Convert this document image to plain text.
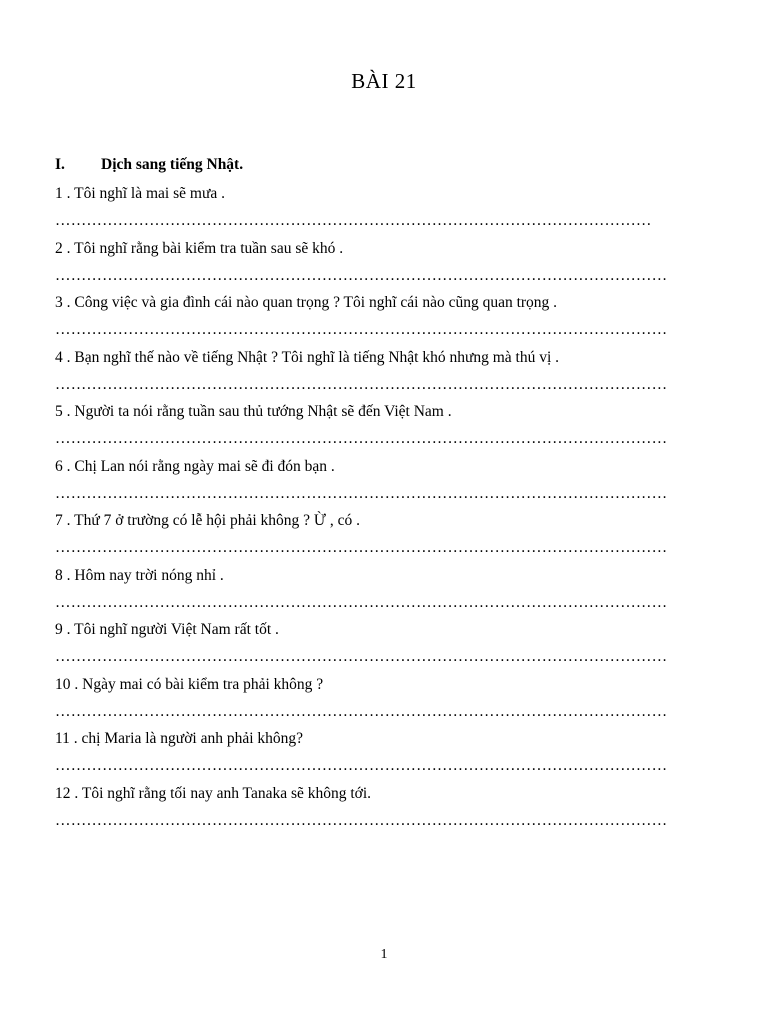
BÀI 21
I. Dịch sang tiếng Nhật.
1 . Tôi nghĩ là mai sẽ mưa .
……………………………………………………………………………………………………
2 . Tôi nghĩ rằng bài kiểm tra tuần sau sẽ khó .
………………………………………………………………………………………………………
3 . Công việc và gia đình cái nào quan trọng ? Tôi nghĩ cái nào cũng quan trọng .
………………………………………………………………………………………………………
4 . Bạn nghĩ thế nào về tiếng Nhật ? Tôi nghĩ là tiếng Nhật khó nhưng mà thú vị .
………………………………………………………………………………………………………
5 . Người ta nói rằng tuần sau thủ tướng Nhật sẽ đến Việt Nam .
………………………………………………………………………………………………………
6 . Chị Lan nói rằng ngày mai sẽ đi đón bạn .
………………………………………………………………………………………………………
7 . Thứ 7 ở trường có lễ hội phải không ? Ừ , có .
………………………………………………………………………………………………………
8 . Hôm nay trời nóng nhỉ .
………………………………………………………………………………………………………
9 . Tôi nghĩ người Việt Nam rất tốt .
………………………………………………………………………………………………………
10 . Ngày mai có bài kiểm tra phải không ?
………………………………………………………………………………………………………
11 . chị Maria là người anh phải không?
………………………………………………………………………………………………………
12 . Tôi nghĩ rằng tối nay anh Tanaka sẽ không tới.
………………………………………………………………………………………………………
1
